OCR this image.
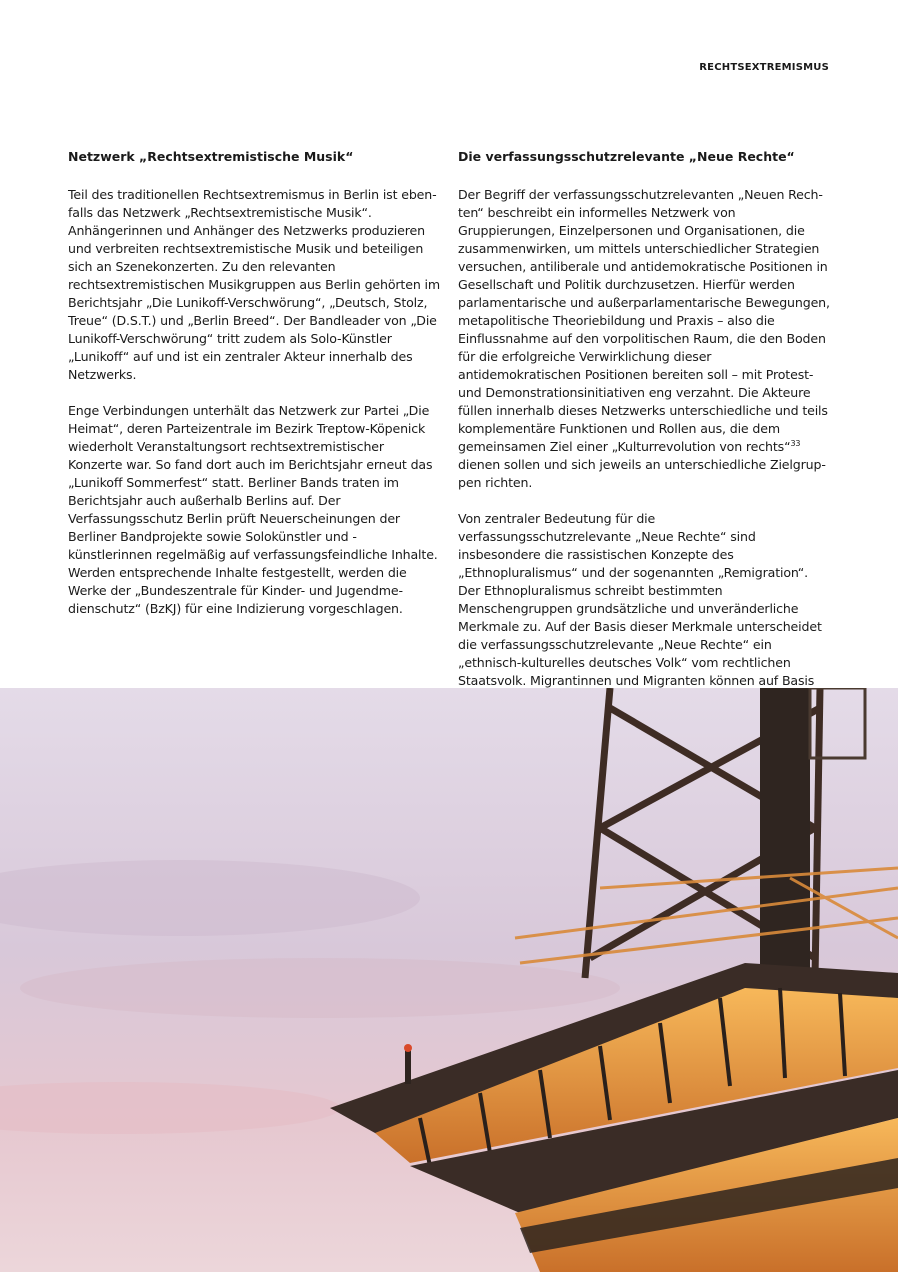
RECHTSEXTREMISMUS
Netzwerk „Rechtsextremistische Musik“

Teil des traditionellen Rechtsextremismus in Berlin ist ebenfalls das Netzwerk „Rechtsextremistische Musik“. Anhängerinnen und Anhänger des Netzwerks produzieren und verbreiten rechtsextremistische Musik und beteiligen sich an Szenekonzerten. Zu den relevanten rechtsextremistischen Musikgruppen aus Berlin gehörten im Berichtsjahr „Die Lunikoff-Verschwörung“, „Deutsch, Stolz, Treue“ (D.S.T.) und „Berlin Breed“. Der Bandleader von „Die Lunikoff-Verschwörung“ tritt zudem als Solo-Künstler „Lunikoff“ auf und ist ein zentraler Akteur innerhalb des Netzwerks.

Enge Verbindungen unterhält das Netzwerk zur Partei „Die Heimat“, deren Parteizentrale im Bezirk Treptow-Köpenick wiederholt Veranstaltungsort rechtsextremistischer Konzerte war. So fand dort auch im Berichtsjahr erneut das „Lunikoff Sommerfest“ statt. Berliner Bands traten im Berichtsjahr auch außerhalb Berlins auf. Der Verfassungsschutz Berlin prüft Neuerscheinungen der Berliner Bandprojekte sowie Solokünstler und -künstlerinnen regelmäßig auf verfassungsfeindliche Inhalte. Werden entsprechende Inhalte festgestellt, werden die Werke der „Bundeszentrale für Kinder- und Jugendmedienschutz“ (BzKJ) für eine Indizierung vorgeschlagen.

Die verfassungsschutzrelevante „Neue Rechte“

Der Begriff der verfassungsschutzrelevanten „Neuen Rechten“ beschreibt ein informelles Netzwerk von Gruppierungen, Einzelpersonen und Organisationen, die zusammenwirken, um mittels unterschiedlicher Strategien versuchen, antiliberale und antidemokratische Positionen in Gesellschaft und Politik durchzusetzen. Hierfür werden parlamentarische und außerparlamentarische Bewegungen, metapolitische Theoriebildung und Praxis – also die Einflussnahme auf den vorpolitischen Raum, die den Boden für die erfolgreiche Verwirklichung dieser antidemokratischen Positionen bereiten soll – mit Protest- und Demonstrationsinitiativen eng verzahnt. Die Akteure füllen innerhalb dieses Netzwerks unterschiedliche und teils komplementäre Funktionen und Rollen aus, die dem gemeinsamen Ziel einer „Kulturrevolution von rechts“$^{33}$ dienen sollen und sich jeweils an unterschiedliche Zielgruppen richten.

Von zentraler Bedeutung für die verfassungsschutzrelevante „Neue Rechte“ sind insbesondere die rassistischen Konzepte des „Ethnopluralismus“ und der sogenannten „Remigration“. Der Ethnopluralismus schreibt bestimmten Menschengruppen grundsätzliche und unveränderliche Merkmale zu. Auf der Basis dieser Merkmale unterscheidet die verfassungsschutzrelevante „Neue Rechte“ ein „ethnisch-kulturelles deutsches Volk“ vom rechtlichen Staatsvolk. Migrantinnen und Migranten können auf Basis
